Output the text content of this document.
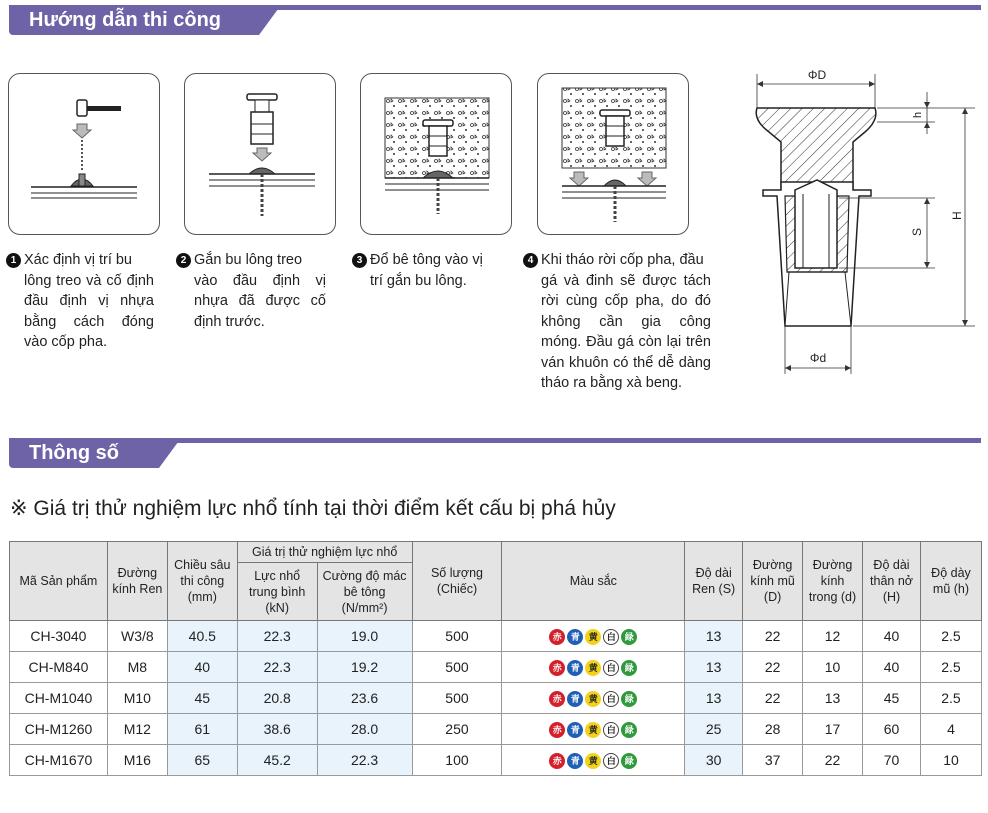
Hướng dẫn thi công
1 Xác định vị trí bu
lông treo và cố định đầu định vị nhựa bằng cách đóng vào cốp pha.
2 Gắn bu lông treo
vào đầu định vị nhựa đã được cố định trước.
3 Đổ bê tông vào vị
trí gắn bu lông.
4 Khi tháo rời cốp pha, đầu
gá và đinh sẽ được tách rời cùng cốp pha, do đó không cần gia công móng. Đầu gá còn lại trên ván khuôn có thể dễ dàng tháo ra bằng xà beng.
ΦD
h
H
S
Φd
Thông số
※ Giá trị thử nghiệm lực nhổ tính tại thời điểm kết cấu bị phá hủy
Mã Sản phẩm	Đường kính Ren	Chiều sâu thi công (mm)	Giá trị thử nghiệm lực nhổ		Số lượng (Chiếc)	Màu sắc	Độ dài Ren (S)	Đường kính mũ (D)	Đường kính trong (d)	Độ dài thân nở (H)	Độ dày mũ (h)
			Lực nhổ trung bình (kN)	Cường độ mác bê tông (N/mm²)							
CH-3040	W3/8	40.5	22.3	19.0	500	赤 青 黄 白 緑	13	22	12	40	2.5
CH-M840	M8	40	22.3	19.2	500	赤 青 黄 白 緑	13	22	10	40	2.5
CH-M1040	M10	45	20.8	23.6	500	赤 青 黄 白 緑	13	22	13	45	2.5
CH-M1260	M12	61	38.6	28.0	250	赤 青 黄 白 緑	25	28	17	60	4
CH-M1670	M16	65	45.2	22.3	100	赤 青 黄 白 緑	30	37	22	70	10
